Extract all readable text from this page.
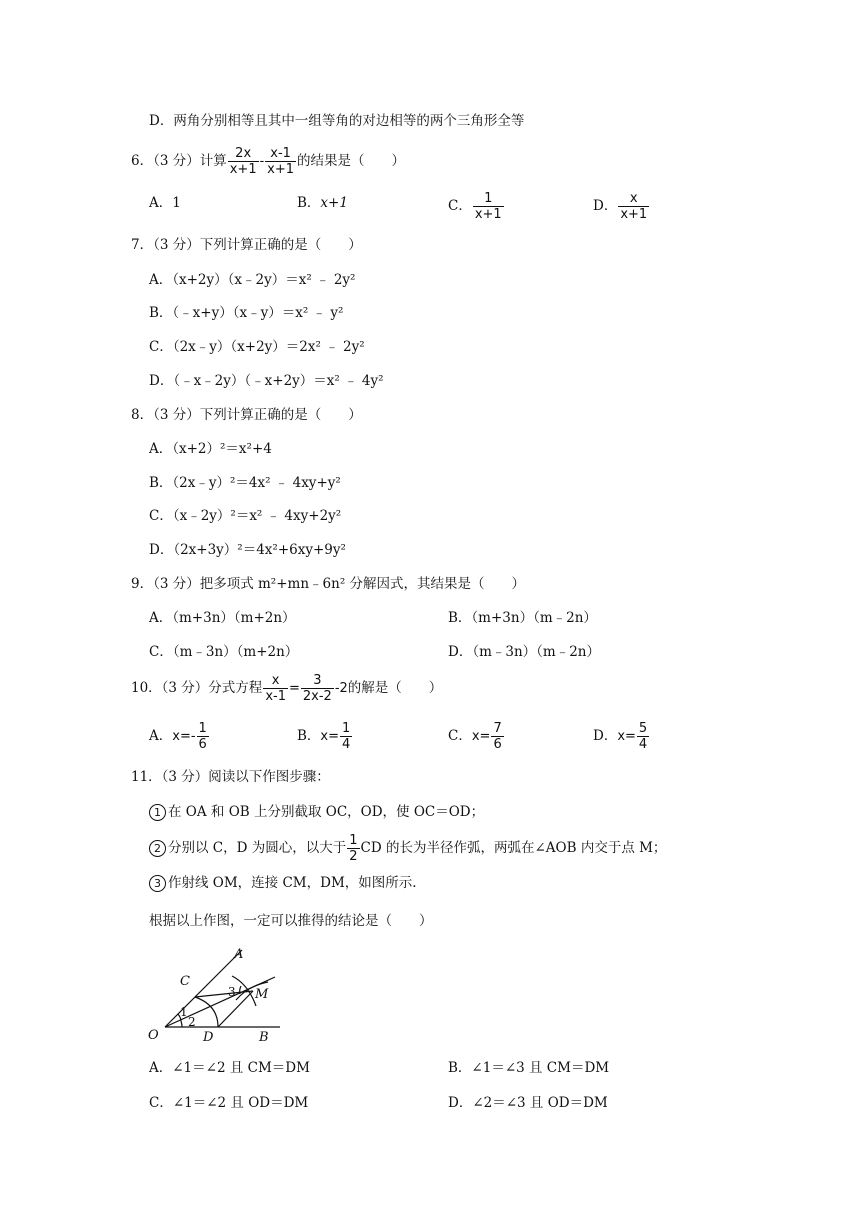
D．两角分别相等且其中一组等角的对边相等的两个三角形全等
6．（3 分）计算 $\frac{2x}{x+1} - \frac{x-1}{x+1}$ 的结果是（　　）
A．1	B．x+1	C． $\frac{1}{x+1}$	D． $\frac{x}{x+1}$
7．（3 分）下列计算正确的是（　　）
A．（x+2y）（x﹣2y）＝x² ﹣ 2y²
B．（﹣x+y）（x﹣y）＝x² ﹣ y²
C．（2x﹣y）（x+2y）＝2x² ﹣ 2y²
D．（﹣x﹣2y）（﹣x+2y）＝x² ﹣ 4y²
8．（3 分）下列计算正确的是（　　）
A．（x+2）²＝x²+4
B．（2x﹣y）²＝4x² ﹣ 4xy+y²
C．（x﹣2y）²＝x² ﹣ 4xy+2y²
D．（2x+3y）²＝4x²+6xy+9y²
9．（3 分）把多项式 m²+mn﹣6n² 分解因式，其结果是（　　）
A．（m+3n）（m+2n）	B．（m+3n）（m﹣2n）
C．（m﹣3n）（m+2n）	D．（m﹣3n）（m﹣2n）
10．（3 分）分式方程 $\frac{x}{x-1} = \frac{3}{2x-2} -2$的解是（　　）
A．$x=- \frac{1}{6}$	B．$x= \frac{1}{4}$	C．$x= \frac{7}{6}$	D．$x= \frac{5}{4}$
11．（3 分）阅读以下作图步骤：
1 在 OA 和 OB 上分别截取 OC，OD，使 OC＝OD；
2 分别以 C，D 为圆心，以大于 $\frac{1}{2}$ CD 的长为半径作弧，两弧在∠AOB 内交于点 M；
3 作射线 OM，连接 CM，DM，如图所示.
根据以上作图，一定可以推得的结论是（　　）
A
B
C
D
O
M
1
2
3
A．∠1＝∠2 且 CM＝DM	B．∠1＝∠3 且 CM＝DM
C．∠1＝∠2 且 OD＝DM	D．∠2＝∠3 且 OD＝DM
